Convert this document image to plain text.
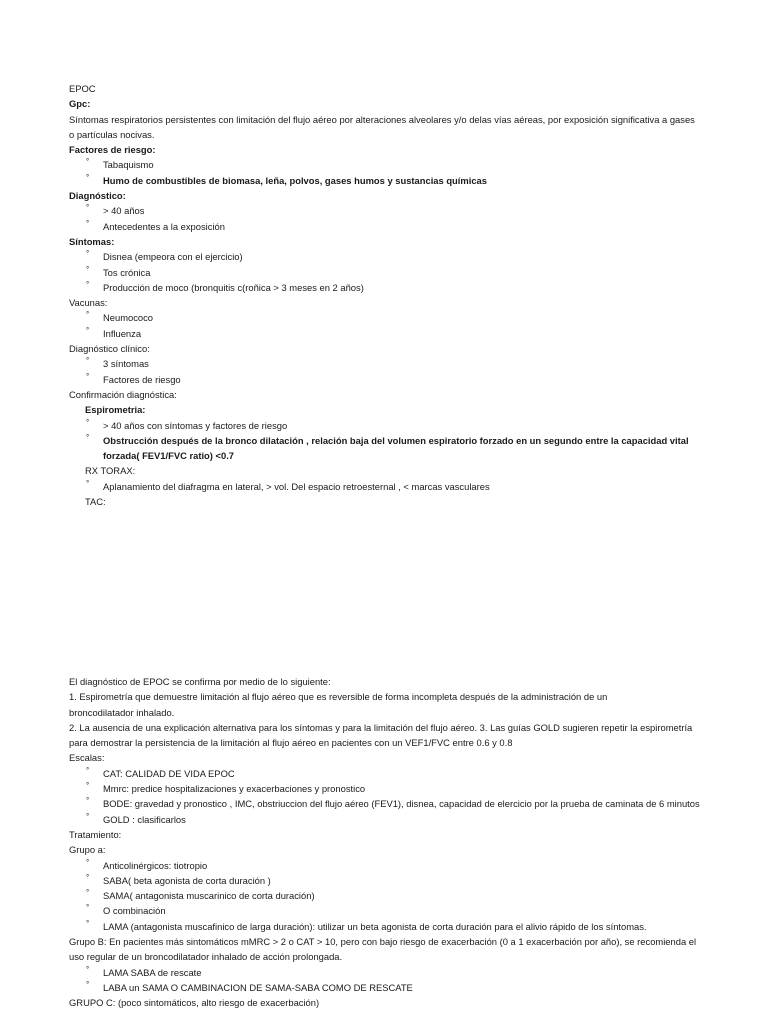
EPOC
Gpc:
Síntomas respiratorios persistentes con limitación del flujo aéreo por alteraciones alveolares y/o delas vías aéreas, por exposición significativa a gases o partículas nocivas.
Factores de riesgo:
° Tabaquismo
° Humo de combustibles de biomasa, leña, polvos, gases humos y sustancias químicas
Diagnóstico:
° > 40 años
° Antecedentes a la exposición
Síntomas:
° Disnea (empeora con el ejercicio)
° Tos crónica
° Producción de moco (bronquitis c(roñica > 3 meses en 2 años)
Vacunas:
° Neumococo
° Influenza
Diagnóstico clínico:
° 3 síntomas
° Factores de riesgo
Confirmación diagnóstica:
Espirometria:
° > 40 años con síntomas y factores de riesgo
° Obstrucción después de la bronco dilatación , relación baja del volumen espiratorio forzado en un segundo entre la capacidad vital forzada( FEV1/FVC ratio) <0.7
RX TORAX:
° Aplanamiento del diafragma en lateral, > vol. Del espacio retroesternal , < marcas vasculares
TAC:
El diagnóstico de EPOC se confirma por medio de lo siguiente:
1. Espirometría que demuestre limitación al flujo aéreo que es reversible de forma incompleta después de la administración de un broncodilatador inhalado.
2. La ausencia de una explicación alternativa para los síntomas y para la limitación del flujo aéreo. 3. Las guías GOLD sugieren repetir la espirometría para demostrar la persistencia de la limitación al flujo aéreo en pacientes con un VEF1/FVC entre 0.6 y 0.8
Escalas:
° CAT: CALIDAD DE VIDA EPOC
° Mmrc: predice hospitalizaciones y exacerbaciones y pronostico
° BODE: gravedad y pronostico , IMC, obstriuccion del flujo aéreo (FEV1), disnea, capacidad de elercicio por la prueba de caminata de 6 minutos
° GOLD : clasificarlos
Tratamiento:
Grupo a:
° Anticolinérgicos: tiotropio
° SABA( beta agonista de corta duración )
° SAMA( antagonista muscarinico de corta duración)
° O combinación
° LAMA (antagonista muscafinico de larga duración): utilizar un beta agonista de corta duración para el alivio rápido de los síntomas.
Grupo B: En pacientes más sintomáticos mMRC > 2 o CAT > 10, pero con bajo riesgo de exacerbación (0 a 1 exacerbación por año), se recomienda el uso regular de un broncodilatador inhalado de acción prolongada.
° LAMA SABA de rescate
° LABA un SAMA O CAMBINACION DE SAMA-SABA COMO DE RESCATE
GRUPO C: (poco sintomáticos, alto riesgo de exacerbación)
